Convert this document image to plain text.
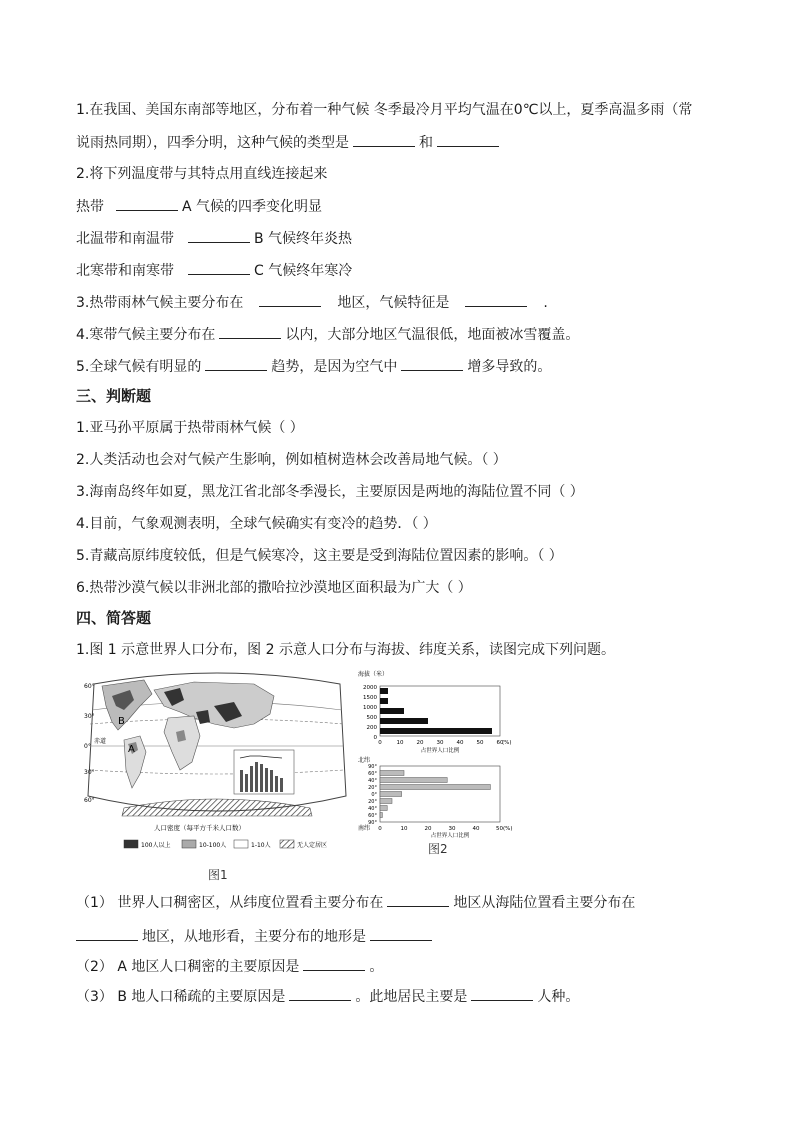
1.在我国、美国东南部等地区，分布着一种气候 冬季最冷月平均气温在0℃以上，夏季高温多雨（常
说雨热同期），四季分明，这种气候的类型是	和
2.将下列温度带与其特点用直线连接起来
热带	A 气候的四季变化明显
北温带和南温带	B 气候终年炎热
北寒带和南寒带	C 气候终年寒冷
3.热带雨林气候主要分布在	地区，气候特征是	.
4.寒带气候主要分布在	以内，大部分地区气温很低，地面被冰雪覆盖。
5.全球气候有明显的	趋势，是因为空气中	增多导致的。
三、判断题
1.亚马孙平原属于热带雨林气候（ ）
2.人类活动也会对气候产生影响，例如植树造林会改善局地气候。（ ）
3.海南岛终年如夏，黑龙江省北部冬季漫长，主要原因是两地的海陆位置不同（ ）
4.目前，气象观测表明，全球气候确实有变冷的趋势．（ ）
5.青藏高原纬度较低，但是气候寒冷，这主要是受到海陆位置因素的影响。（ ）
6.热带沙漠气候以非洲北部的撒哈拉沙漠地区面积最为广大（ ）
四、简答题
1.图 1 示意世界人口分布，图 2 示意人口分布与海拔、纬度关系，读图完成下列问题。
B
A
60°
30°
0°
30°
60°
赤道
人口密度（每平方千米人口数）
100人以上	10-100人	1-10人	无人定居区
图1
海拔（米）
2000
1500
1000
500
200
0
0	10 20 30 40 50 60
(%)
占世界人口比例
北纬
90°
60°
40°
20°
0°
20°
40°
60°
90°
南纬 0	10	20	30	40	50(%)
占世界人口比例
图2
（1） 世界人口稠密区，从纬度位置看主要分布在	地区从海陆位置看主要分布在
地区，从地形看，主要分布的地形是
（2） A 地区人口稠密的主要原因是	。
（3） B 地人口稀疏的主要原因是	。此地居民主要是	人种。
